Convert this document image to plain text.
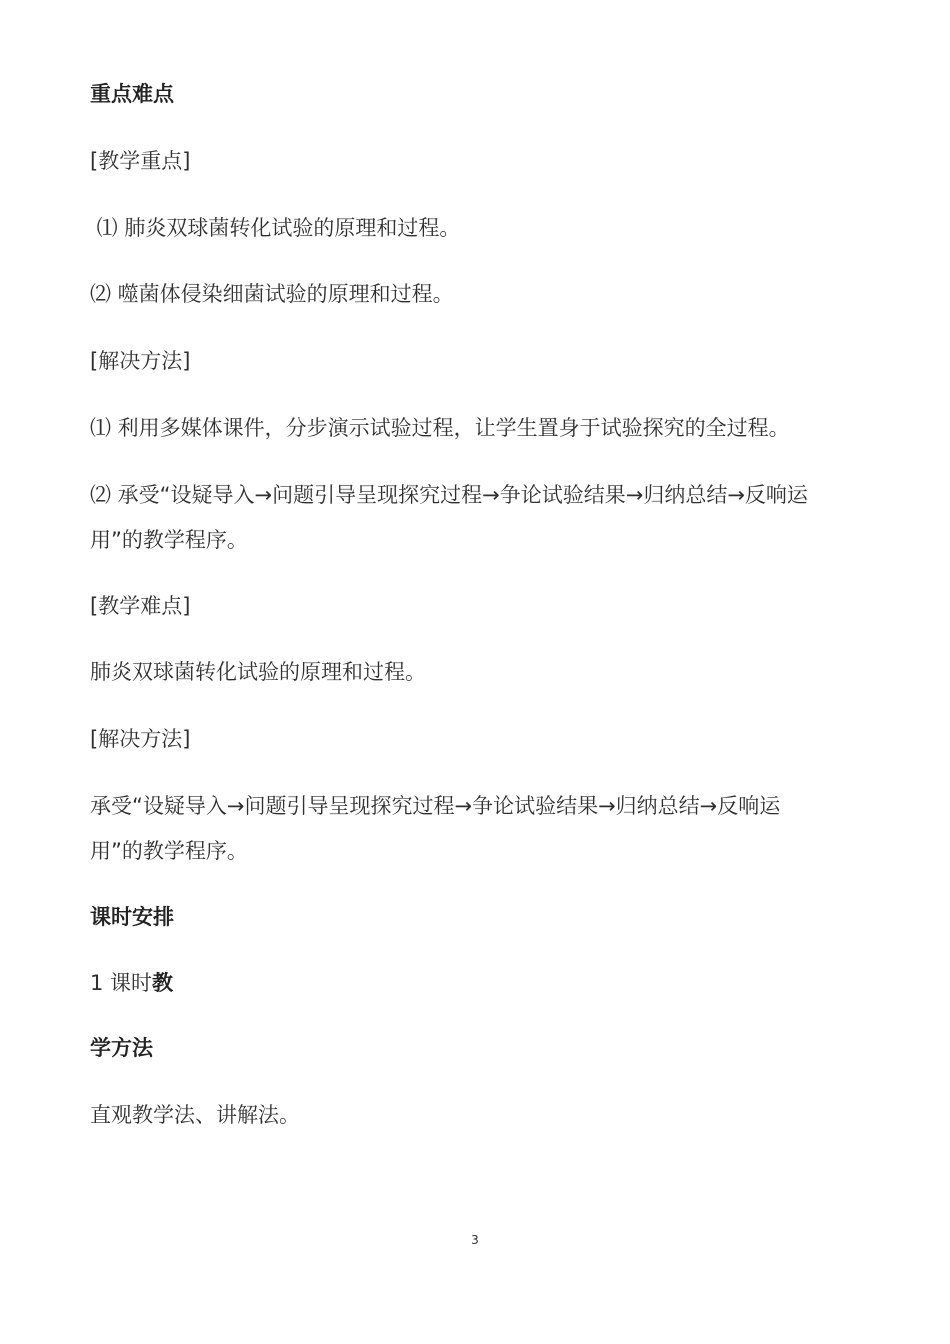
重点难点
[教学重点]
⑴ 肺炎双球菌转化试验的原理和过程。
⑵ 噬菌体侵染细菌试验的原理和过程。
[解决方法]
⑴ 利用多媒体课件，分步演示试验过程，让学生置身于试验探究的全过程。
⑵ 承受“设疑导入→问题引导呈现探究过程→争论试验结果→归纳总结→反响运
用”的教学程序。
[教学难点]
肺炎双球菌转化试验的原理和过程。
[解决方法]
承受“设疑导入→问题引导呈现探究过程→争论试验结果→归纳总结→反响运
用”的教学程序。
课时安排
1 课时教
学方法
直观教学法、讲解法。
3
